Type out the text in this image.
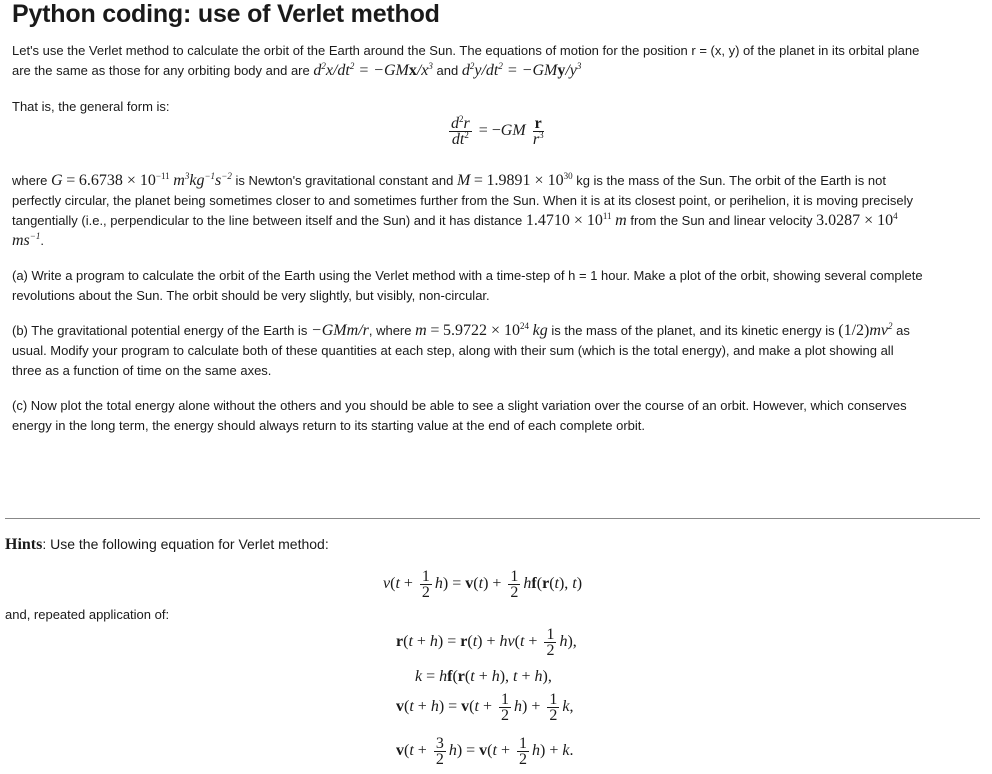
Python coding: use of Verlet method
Let's use the Verlet method to calculate the orbit of the Earth around the Sun. The equations of motion for the position r = (x, y) of the planet in its orbital plane
are the same as those for any orbiting body and are $d^2x/dt^2 = -GMx/x^3$ and $d^2y/dt^2 = -GMy/y^3$
That is, the general form is:
$\frac{d^2r}{dt^2} = -GM \frac{r}{r^3}$
where $G = 6.6738 \times 10^{-11}$ $m^3kg^{-1}s^{-2}$ is Newton's gravitational constant and $M = 1.9891 \times 10^{30}$ kg is the mass of the Sun. The orbit of the Earth is not
perfectly circular, the planet being sometimes closer to and sometimes further from the Sun. When it is at its closest point, or perihelion, it is moving precisely
tangentially (i.e., perpendicular to the line between itself and the Sun) and it has distance $1.4710 \times 10^{11}$ m from the Sun and linear velocity $3.0287 \times 10^4$
$ms^{-1}$.
(a) Write a program to calculate the orbit of the Earth using the Verlet method with a time-step of h = 1 hour. Make a plot of the orbit, showing several complete
revolutions about the Sun. The orbit should be very slightly, but visibly, non-circular.
(b) The gravitational potential energy of the Earth is −GMm/r, where $m = 5.9722 \times 10^{24}$ kg is the mass of the planet, and its kinetic energy is $(1/2)mv^2$ as
usual. Modify your program to calculate both of these quantities at each step, along with their sum (which is the total energy), and make a plot showing all
three as a function of time on the same axes.
(c) Now plot the total energy alone without the others and you should be able to see a slight variation over the course of an orbit. However, which conserves
energy in the long term, the energy should always return to its starting value at the end of each complete orbit.
Hints: Use the following equation for Verlet method:
$v(t + \frac{1}{2} h) = v(t) + \frac{1}{2} hf(r(t)$, t)
and, repeated application of:
$r(t + h) = r(t) + hv(t + \frac{1}{2} h)$,
k = hf(r(t + h), t + h),
$v(t + h) = v(t + \frac{1}{2} h) + \frac{1}{2} k$,
$v(t + \frac{3}{2} h) = v(t + \frac{1}{2} h) + k$.
